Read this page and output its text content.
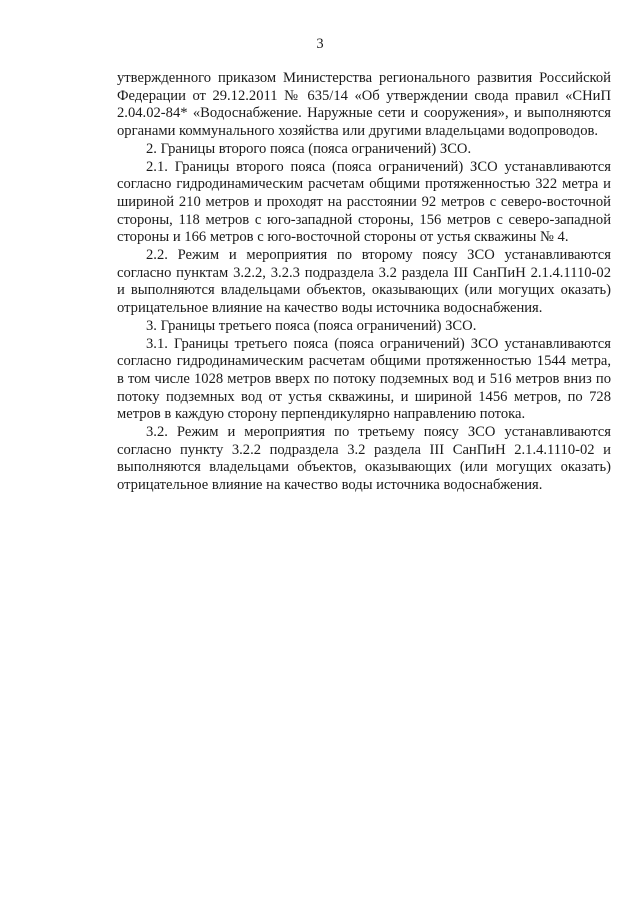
3

утвержденного приказом Министерства регионального развития Российской Федерации от 29.12.2011 № 635/14 «Об утверждении свода правил «СНиП 2.04.02-84* «Водоснабжение. Наружные сети и сооружения», и выполняются органами коммунального хозяйства или другими владельцами водопроводов.

2. Границы второго пояса (пояса ограничений) ЗСО.

2.1. Границы второго пояса (пояса ограничений) ЗСО устанавливаются согласно гидродинамическим расчетам общими протяженностью 322 метра и шириной 210 метров и проходят на расстоянии 92 метров с северо-восточной стороны, 118 метров с юго-западной стороны, 156 метров с северо-западной стороны и 166 метров с юго-восточной стороны от устья скважины № 4.

2.2. Режим и мероприятия по второму поясу ЗСО устанавливаются согласно пунктам 3.2.2, 3.2.3 подраздела 3.2 раздела III СанПиН 2.1.4.1110-02 и выполняются владельцами объектов, оказывающих (или могущих оказать) отрицательное влияние на качество воды источника водоснабжения.

3. Границы третьего пояса (пояса ограничений) ЗСО.

3.1. Границы третьего пояса (пояса ограничений) ЗСО устанавливаются согласно гидродинамическим расчетам общими протяженностью 1544 метра, в том числе 1028 метров вверх по потоку подземных вод и 516 метров вниз по потоку подземных вод от устья скважины, и шириной 1456 метров, по 728 метров в каждую сторону перпендикулярно направлению потока.

3.2. Режим и мероприятия по третьему поясу ЗСО устанавливаются согласно пункту 3.2.2 подраздела 3.2 раздела III СанПиН 2.1.4.1110-02 и выполняются владельцами объектов, оказывающих (или могущих оказать) отрицательное влияние на качество воды источника водоснабжения.
